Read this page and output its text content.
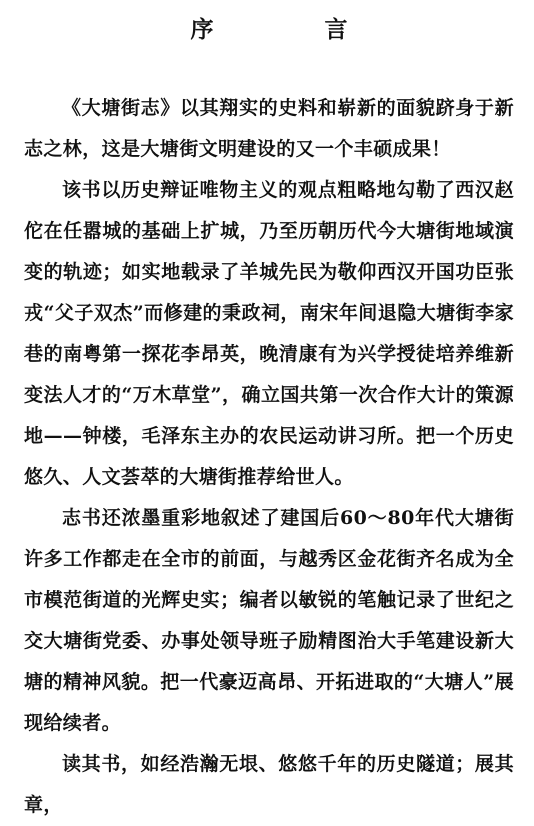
序　言

《大塘街志》以其翔实的史料和崭新的面貌跻身于新志之林，这是大塘街文明建设的又一个丰硕成果！

该书以历史辩证唯物主义的观点粗略地勾勒了西汉赵佗在任嚣城的基础上扩城，乃至历朝历代今大塘街地域演变的轨迹；如实地载录了羊城先民为敬仰西汉开国功臣张戎“父子双杰”而修建的秉政祠，南宋年间退隐大塘街李家巷的南粤第一探花李昂英，晚清康有为兴学授徒培养维新变法人才的“万木草堂”，确立国共第一次合作大计的策源地——钟楼，毛泽东主办的农民运动讲习所。把一个历史悠久、人文荟萃的大塘街推荐给世人。

志书还浓墨重彩地叙述了建国后60～80年代大塘街许多工作都走在全市的前面，与越秀区金花街齐名成为全市模范街道的光辉史实；编者以敏锐的笔触记录了世纪之交大塘街党委、办事处领导班子励精图治大手笔建设新大塘的精神风貌。把一代豪迈高昂、开拓进取的“大塘人”展现给续者。

读其书，如经浩瀚无垠、悠悠千年的历史隧道；展其章，
